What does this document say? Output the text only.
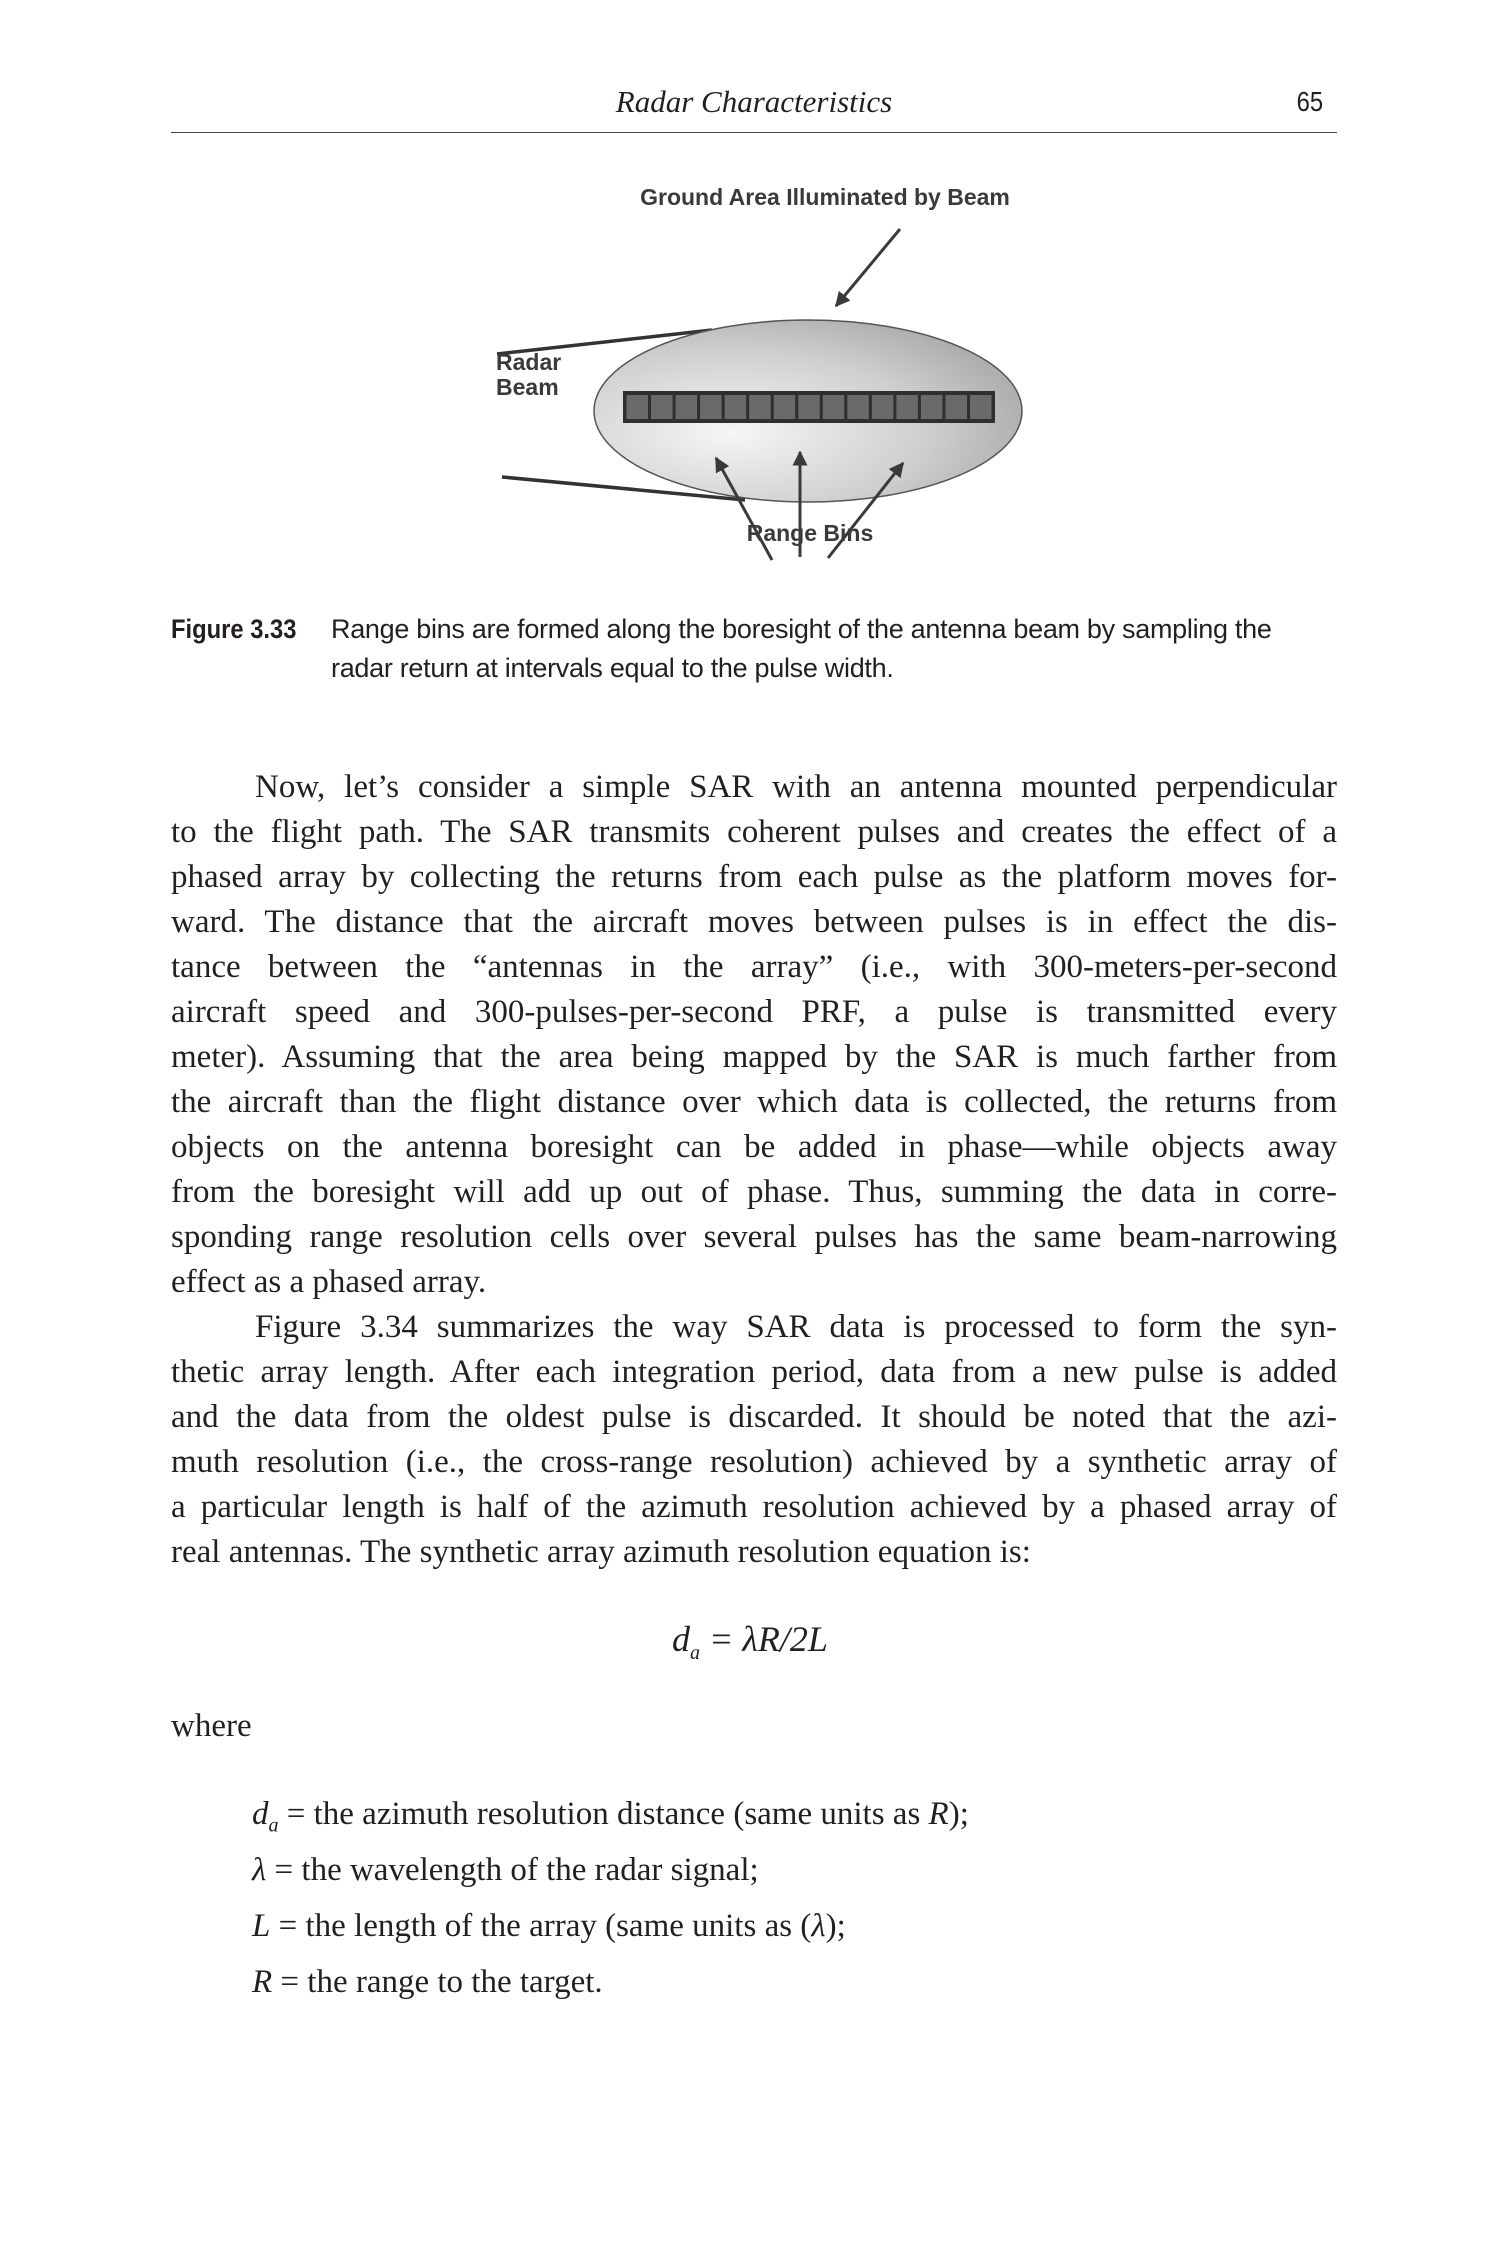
Radar Characteristics	65
Ground Area Illuminated by Beam
Radar
Beam
Range Bins
Figure 3.33 Range bins are formed along the boresight of the antenna beam by sampling the
radar return at intervals equal to the pulse width.
Now, let’s consider a simple SAR with an antenna mounted perpendicular
to the flight path. The SAR transmits coherent pulses and creates the effect of a
phased array by collecting the returns from each pulse as the platform moves for-
ward. The distance that the aircraft moves between pulses is in effect the dis-
tance between the “antennas in the array” (i.e., with 300-meters-per-second
aircraft speed and 300-pulses-per-second PRF, a pulse is transmitted every
meter). Assuming that the area being mapped by the SAR is much farther from
the aircraft than the flight distance over which data is collected, the returns from
objects on the antenna boresight can be added in phase—while objects away
from the boresight will add up out of phase. Thus, summing the data in corre-
sponding range resolution cells over several pulses has the same beam-narrowing
effect as a phased array.
Figure 3.34 summarizes the way SAR data is processed to form the syn-
thetic array length. After each integration period, data from a new pulse is added
and the data from the oldest pulse is discarded. It should be noted that the azi-
muth resolution (i.e., the cross-range resolution) achieved by a synthetic array of
a particular length is half of the azimuth resolution achieved by a phased array of
real antennas. The synthetic array azimuth resolution equation is:
$d_a = \lambda R/2L$
where
$d_a$ = the azimuth resolution distance (same units as R);
λ = the wavelength of the radar signal;
L = the length of the array (same units as (λ);
R = the range to the target.
